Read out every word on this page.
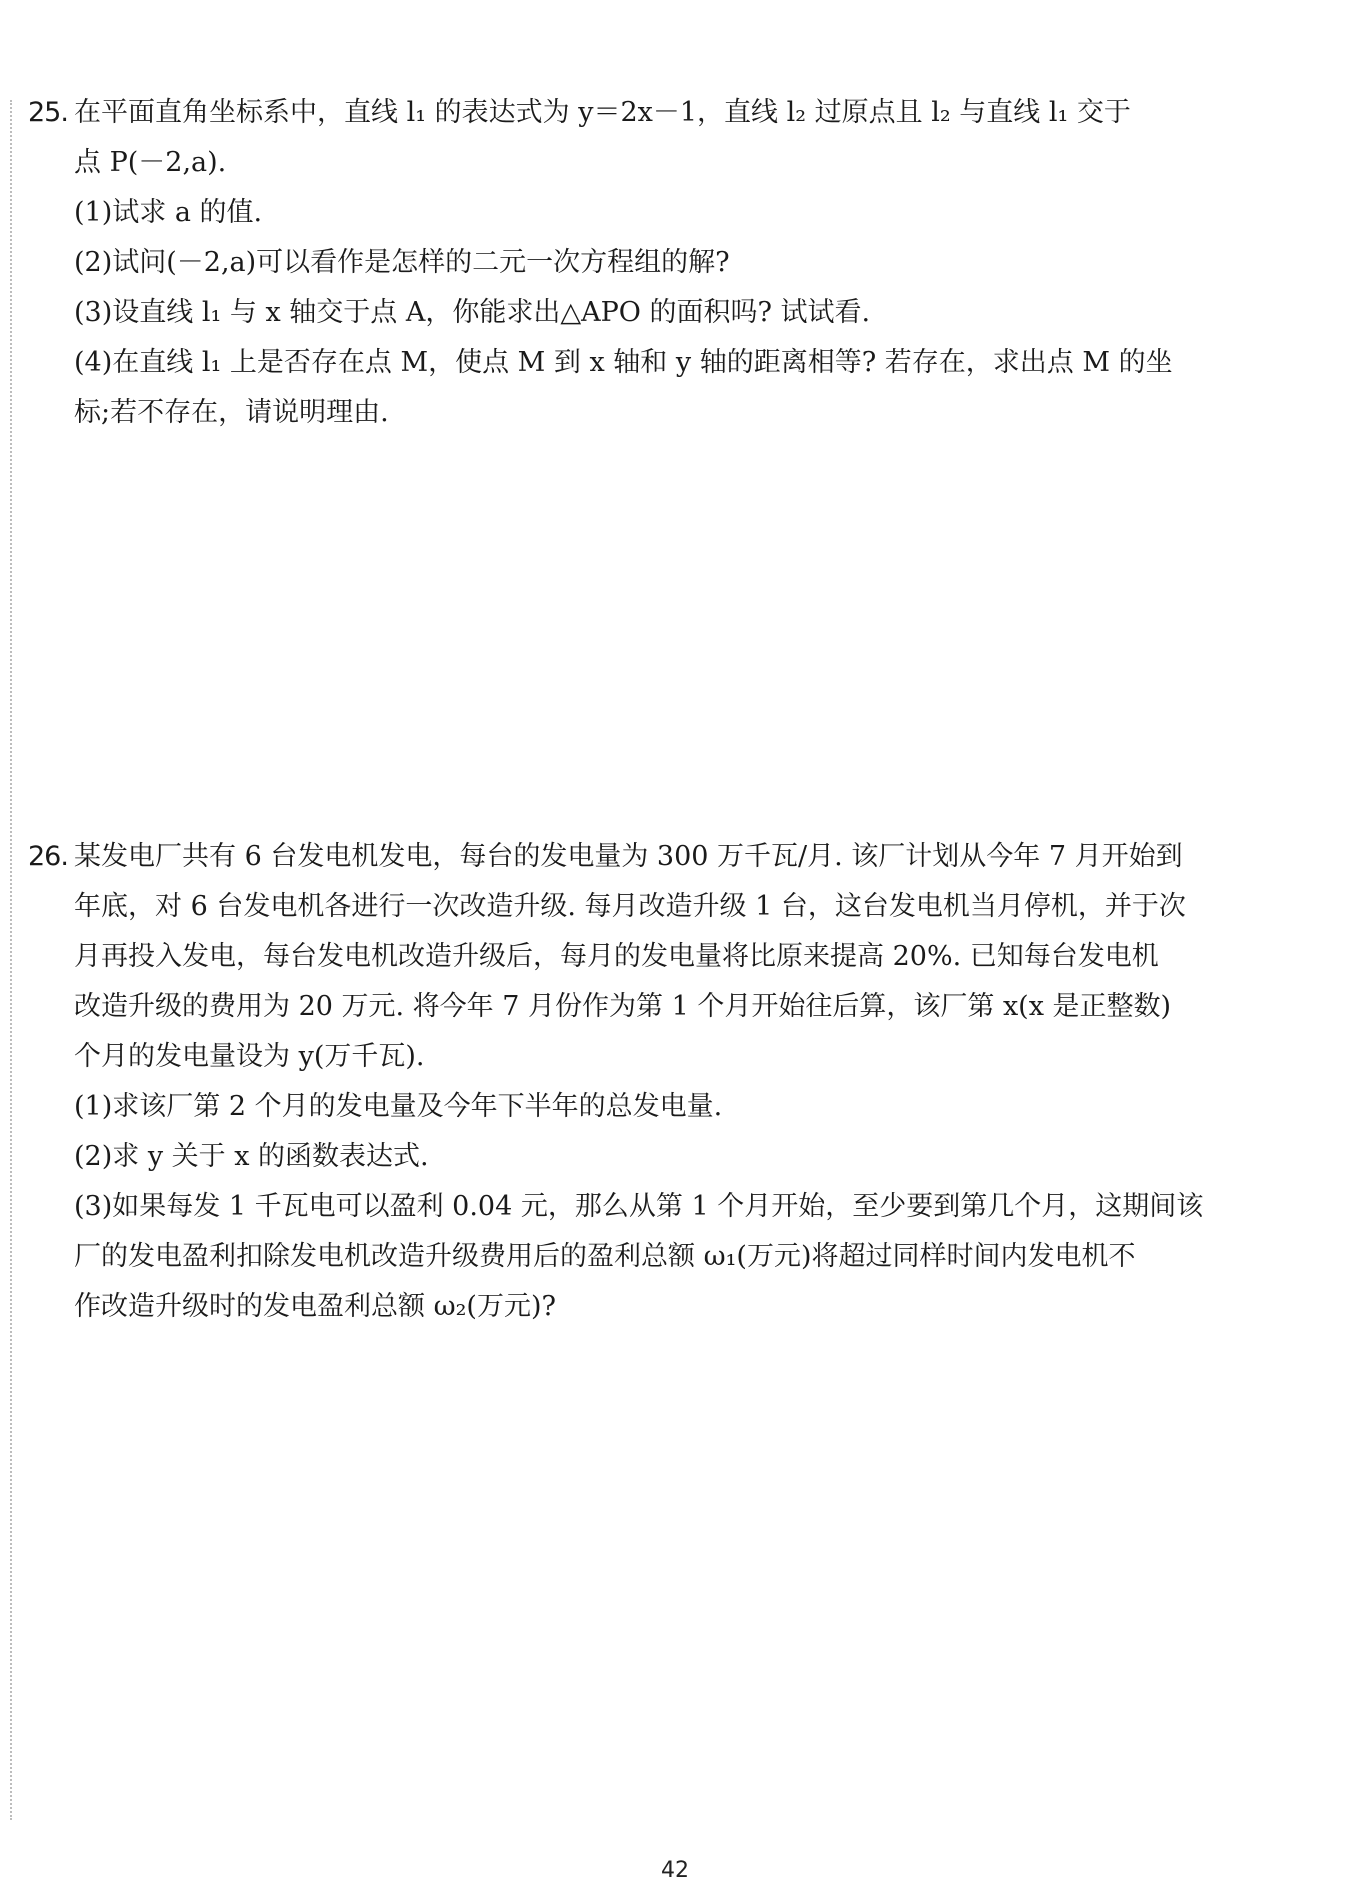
25. 在平面直角坐标系中，直线 l₁ 的表达式为 y＝2x－1，直线 l₂ 过原点且 l₂ 与直线 l₁ 交于
点 P(－2,a).
(1)试求 a 的值.
(2)试问(－2,a)可以看作是怎样的二元一次方程组的解?
(3)设直线 l₁ 与 x 轴交于点 A，你能求出△APO 的面积吗? 试试看.
(4)在直线 l₁ 上是否存在点 M，使点 M 到 x 轴和 y 轴的距离相等? 若存在，求出点 M 的坐
标;若不存在，请说明理由.
26. 某发电厂共有 6 台发电机发电，每台的发电量为 300 万千瓦/月. 该厂计划从今年 7 月开始到
年底，对 6 台发电机各进行一次改造升级. 每月改造升级 1 台，这台发电机当月停机，并于次
月再投入发电，每台发电机改造升级后，每月的发电量将比原来提高 20%. 已知每台发电机
改造升级的费用为 20 万元. 将今年 7 月份作为第 1 个月开始往后算，该厂第 x(x 是正整数)
个月的发电量设为 y(万千瓦).
(1)求该厂第 2 个月的发电量及今年下半年的总发电量.
(2)求 y 关于 x 的函数表达式.
(3)如果每发 1 千瓦电可以盈利 0.04 元，那么从第 1 个月开始，至少要到第几个月，这期间该
厂的发电盈利扣除发电机改造升级费用后的盈利总额 ω₁(万元)将超过同样时间内发电机不
作改造升级时的发电盈利总额 ω₂(万元)?
42
